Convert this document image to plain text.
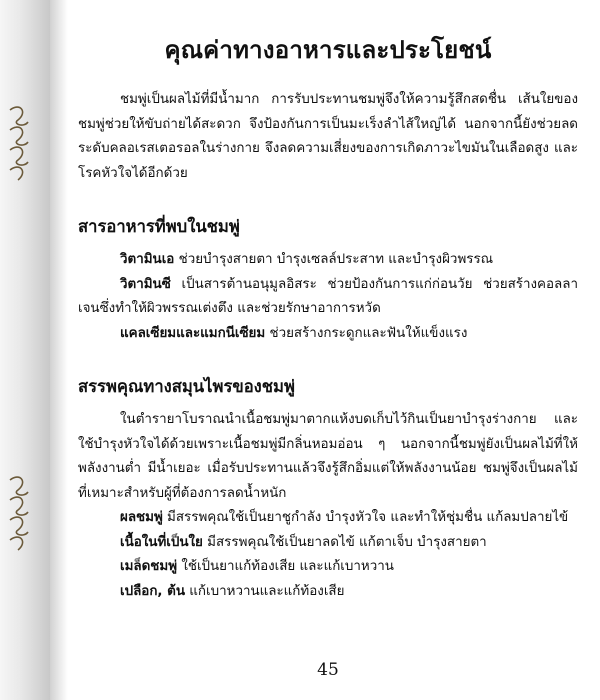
คุณค่าทางอาหารและประโยชน์

ชมพู่เป็นผลไม้ที่มีน้ำมาก การรับประทานชมพู่จึงให้ความรู้สึกสดชื่น เส้นใยของชมพู่ช่วยให้ขับถ่ายได้สะดวก จึงป้องกันการเป็นมะเร็งลำไส้ใหญ่ได้ นอกจากนี้ยังช่วยลดระดับคลอเรสเตอรอลในร่างกาย จึงลดความเสี่ยงของการเกิดภาวะไขมันในเลือดสูง และโรคหัวใจได้อีกด้วย

สารอาหารที่พบในชมพู่

วิตามินเอ ช่วยบำรุงสายตา บำรุงเซลล์ประสาท และบำรุงผิวพรรณ

วิตามินซี เป็นสารต้านอนุมูลอิสระ ช่วยป้องกันการแก่ก่อนวัย ช่วยสร้างคอลลาเจนซึ่งทำให้ผิวพรรณเต่งตึง และช่วยรักษาอาการหวัด

แคลเซียมและแมกนีเซียม ช่วยสร้างกระดูกและฟันให้แข็งแรง

สรรพคุณทางสมุนไพรของชมพู่

ในตำรายาโบราณนำเนื้อชมพู่มาตากแห้งบดเก็บไว้กินเป็นยาบำรุงร่างกาย และใช้บำรุงหัวใจได้ด้วยเพราะเนื้อชมพู่มีกลิ่นหอมอ่อน ๆ นอกจากนี้ชมพู่ยังเป็นผลไม้ที่ให้พลังงานต่ำ มีน้ำเยอะ เมื่อรับประทานแล้วจึงรู้สึกอิ่มแต่ให้พลังงานน้อย ชมพู่จึงเป็นผลไม้ที่เหมาะสำหรับผู้ที่ต้องการลดน้ำหนัก

ผลชมพู่ มีสรรพคุณใช้เป็นยาชูกำลัง บำรุงหัวใจ และทำให้ชุ่มชื่น แก้ลมปลายไข้

เนื้อในที่เป็นใย มีสรรพคุณใช้เป็นยาลดไข้ แก้ตาเจ็บ บำรุงสายตา

เมล็ดชมพู่ ใช้เป็นยาแก้ท้องเสีย และแก้เบาหวาน

เปลือก, ต้น แก้เบาหวานและแก้ท้องเสีย

45
